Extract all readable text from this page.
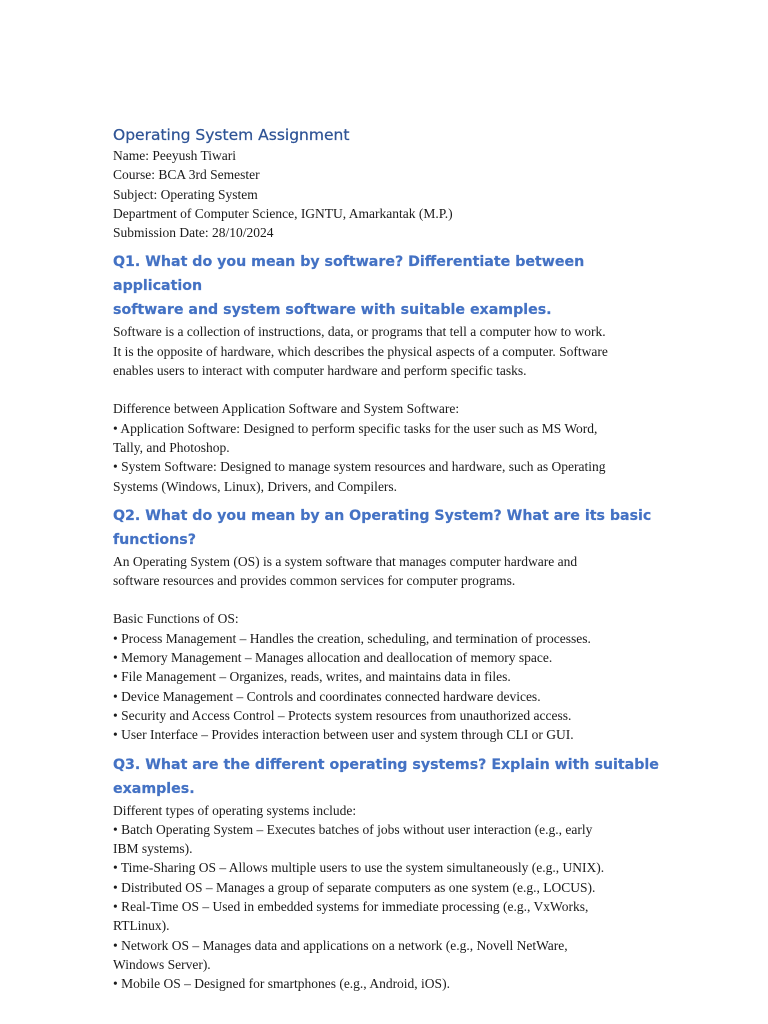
Operating System Assignment

Name: Peeyush Tiwari

Course: BCA 3rd Semester

Subject: Operating System

Department of Computer Science, IGNTU, Amarkantak (M.P.)

Submission Date: 28/10/2024

Q1. What do you mean by software? Differentiate between application
software and system software with suitable examples.

Software is a collection of instructions, data, or programs that tell a computer how to work.
It is the opposite of hardware, which describes the physical aspects of a computer. Software
enables users to interact with computer hardware and perform specific tasks.

Difference between Application Software and System Software:

• Application Software: Designed to perform specific tasks for the user such as MS Word,
Tally, and Photoshop.

• System Software: Designed to manage system resources and hardware, such as Operating
Systems (Windows, Linux), Drivers, and Compilers.

Q2. What do you mean by an Operating System? What are its basic functions?

An Operating System (OS) is a system software that manages computer hardware and
software resources and provides common services for computer programs.

Basic Functions of OS:

• Process Management – Handles the creation, scheduling, and termination of processes.

• Memory Management – Manages allocation and deallocation of memory space.

• File Management – Organizes, reads, writes, and maintains data in files.

• Device Management – Controls and coordinates connected hardware devices.

• Security and Access Control – Protects system resources from unauthorized access.

• User Interface – Provides interaction between user and system through CLI or GUI.

Q3. What are the different operating systems? Explain with suitable examples.

Different types of operating systems include:

• Batch Operating System – Executes batches of jobs without user interaction (e.g., early

IBM systems).

• Time-Sharing OS – Allows multiple users to use the system simultaneously (e.g., UNIX).

• Distributed OS – Manages a group of separate computers as one system (e.g., LOCUS).

• Real-Time OS – Used in embedded systems for immediate processing (e.g., VxWorks,

RTLinux).

• Network OS – Manages data and applications on a network (e.g., Novell NetWare,

Windows Server).

• Mobile OS – Designed for smartphones (e.g., Android, iOS).
